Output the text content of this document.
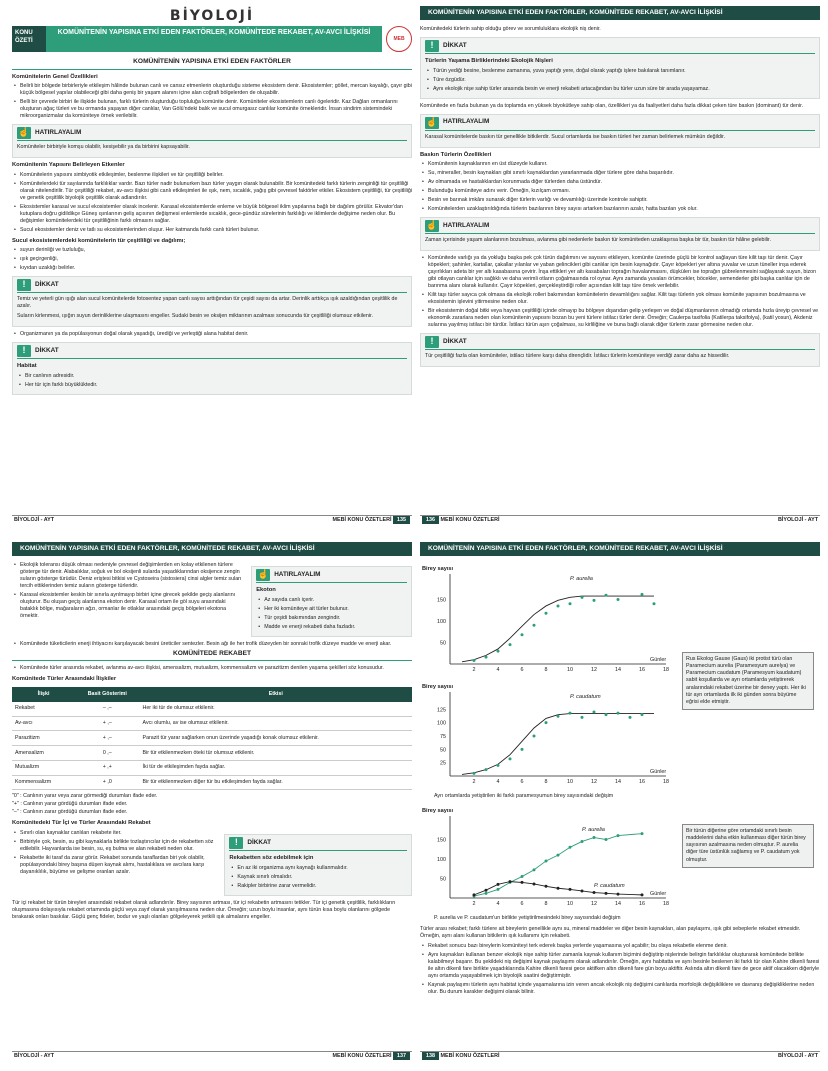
BİYOLOJİ
KONU ÖZETİ
KOMÜNİTENİN YAPISINA ETKİ EDEN FAKTÖRLER, KOMÜNİTEDE REKABET, AV-AVCI İLİŞKİSİ
MEB
KOMÜNİTENİN YAPISINA ETKİ EDEN FAKTÖRLER
Komünitelerin Genel Özellikleri
• Belirli bir bölgede birbirleriyle etkileşim hâlinde bulunan canlı ve cansız etmenlerin oluşturduğu sisteme ekosistem denir. Ekosistemler; göllet, mercan kayalığı, çayır gibi küçük bölgesel yapılar olabileceği gibi daha geniş bir yaşam alanını içine alan coğrafi bölgelerden de oluşabilir.
• Belli bir çevrede birbiri ile ilişkide bulunan, farklı türlerin oluşturduğu topluluğa komünite denir. Komüniteler ekosistemlerin canlı ögeleridir. Kaz Dağları ormanlarını oluşturan ağaç türleri ve bu ormanda yaşayan diğer canlılar, Van Gölü'ndeki balık ve sucul omurgasız canlılar komünite örnekleridir. İnsan sindirim sistemindeki mikroorganizmalar da komüniteye örnek verilebilir.
☝ HATIRLAYALIM

Komüniteler birbiriyle komşu olabilir, kesişebilir ya da birbirini kapsayabilir.

Komünitenin Yapısını Belirleyen Etkenler
• Komünitelerin yapısını simbiyotik etkileşimler, beslenme ilişkileri ve tür çeşitliliği belirler.
• Komünitelerdeki tür sayılarında farklılıklar vardır. Bazı türler nadir bulunurken bazı türler yaygın olarak bulunabilir. Bir komünitedeki farklı türlerin zenginliği tür çeşitliliği olarak nitelendirilir. Tür çeşitliliği rekabet, av-avcı ilişkisi gibi canlı etkileşimleri ile ışık, nem, sıcaklık, yağış gibi çevresel faktörler etkiler. Ekosistem çeşitliliği, tür çeşitliliği ve genetik çeşitlilik biyolojik çeşitlilik olarak adlandırılır.
• Ekosistemler karasal ve sucul ekosistemler olarak incelenir. Karasal ekosistemlerde enleme ve büyük bölgesel iklim yapılarına bağlı bir dağılım görülür. Ekvator'dan kutuplara doğru gidildikçe Güneş ışınlarının geliş açısının değişmesi enlemlerde sıcaklık, gece-gündüz sürelerinin farklılığı ve iklimlerde değişime neden olur. Bu değişimler komünitelerdeki tür çeşitliliğinin farklı olmasını sağlar.
• Sucul ekosistemler deniz ve tatlı su ekosistemlerinden oluşur. Her katmanda farklı canlı türleri bulunur.
Sucul ekosistemlerdeki komünitelerin tür çeşitliliği ve dağılımı;
• suyun derinliği ve tuzluluğu,
• ışık geçirgenliği,
• kıyıdan uzaklığı belirler.
!	DİKKAT

Temiz ve yeterli gün ışığı alan sucul komünitelerde fotosentez yapan canlı sayısı arttığından tür çeşidi sayısı da artar. Derinlik arttıkça ışık azaldığından çeşitlilik de azalır.

Suların kirlenmesi, ışığın suyun derinliklerine ulaşmasını engeller. Sudaki besin ve oksijen miktarının azalması sonucunda tür çeşitliliği olumsuz etkilenir.

• Organizmanın ya da popülasyonun doğal olarak yaşadığı, ürediği ve yerleştiği alana habitat denir.
!	DİKKAT
Habitat
• Bir canlının adresidir.
• Her tür için farklı büyüklüktedir.
BİYOLOJİ - AYT	MEBİ KONU ÖZETLERİ 135
KOMÜNİTENİN YAPISINA ETKİ EDEN FAKTÖRLER, KOMÜNİTEDE REKABET, AV-AVCI İLİŞKİSİ

Komünitedeki türlerin sahip olduğu görev ve sorumluluklara ekolojik niş denir.

!	DİKKAT
Türlerin Yaşama Birliklerindeki Ekolojik Nişleri
• Türün yediği besine, beslenme zamanına, yuva yaptığı yere, doğal olarak yaptığı işlere bakılarak tanımlanır.
• Türe özgüdür.
• Aynı ekolojik nişe sahip türler arasında besin ve enerji rekabeti artacağından bu türler uzun süre bir arada yaşayamaz.

Komünitede en fazla bulunan ya da toplamda en yüksek biyokütleye sahip olan, özellikleri ya da faaliyetleri daha fazla dikkat çeken türe baskın (dominant) tür denir.

☝ HATIRLAYALIM

Karasal komünitelerde baskın tür genellikle bitkilerdir. Sucul ortamlarda ise baskın türleri her zaman belirlemek mümkün değildir.

Baskın Türlerin Özellikleri
• Komünitenin kaynaklarının en üst düzeyde kullanır.
• Su, mineraller, besin kaynakları gibi sınırlı kaynaklardan yararlanmada diğer türlere göre daha başarılıdır.
• Av olmamada ve hastalıklardan korunmada diğer türlerden daha üstündür.
• Bulunduğu komüniteye adını verir. Örneğin, kızılçam ormanı.
• Besin ve barınak imkânı sunarak diğer türlerin varlığı ve devamlılığı üzerinde kontrole sahiptir.
• Komünitelerden uzaklaştırıldığında türlerin bazılarının birey sayısı artarken bazılarının azalır, hatta bazıları yok olur.
☝ HATIRLAYALIM

Zaman içerisinde yaşam alanlarının bozulması, avlanma gibi nedenlerle baskın tür komüniteden uzaklaşırsa başka bir tür, baskın tür hâline gelebilir.

• Komünitede varlığı ya da yokluğu başka pek çok türün dağılımını ve sayısını etkileyen, komünite üzerinde güçlü bir kontrol sağlayan türe kilit taşı tür denir. Çayır köpekleri; şahinler, kartallar, çakallar yılanlar ve yaban gelincikleri gibi canlılar için besin kaynağıdır. Çayır köpekleri yer altına yuvalar ve uzun tüneller inşa ederek çayırlıkları adeta bir yer altı kasabasına çevirir. İnşa ettikleri yer altı kasabaları toprağın havalanmasını, düşkülerı ise toprağın gübrelenmesini sağlayarak suyun, bizon gibi otlayan canlılar için sağlıklı ve daha verimli otların çoğalmasında rol oynar. Aynı zamanda yuvaları örümcekler, böcekler, semenderler gibi başka canlılar için de barınma alanı olarak kullanılır. Çayır köpekleri, gerçekleştirdiği roller açısından kilit taşı türe örnek verilebilir.
• Kilit taşı türler sayıca çok olmasa da ekolojik rolleri bakımından komünitelerin devamlılığını sağlar. Kilit taşı türlerin yok olması komünite yapısının bozulmasına ve ekosistemin işlevini yitirmesine neden olur.
• Bir ekosistemin doğal bitki veya hayvan çeşitliliği içinde olmayıp bu bölgeye dışarıdan gelip yerleşen ve doğal düşmanlarının olmadığı ortamda hızla üreyip çevresel ve ekonomik zararlara neden olan komünitenin yapısını bozan bu yeni türlere istilacı türler denir. Örneğin; Caulerpa taxifolia (Katilerpa taksifolya), (katil yosun), Akdeniz sularına yayılmış istilacı bir türdür. İstilacı türün aşırı çoğalması, su kirliliğine ve buna bağlı olarak diğer türlerin zarar görmesine neden olur.
!	DİKKAT

Tür çeşitliliği fazla olan komüniteler, istilacı türlere karşı daha dirençlidir. İstilacı türlerin komüniteye verdiği zarar daha az hissedilir.

136 MEBİ KONU ÖZETLERİ	BİYOLOJİ - AYT
KOMÜNİTENİN YAPISINA ETKİ EDEN FAKTÖRLER, KOMÜNİTEDE REKABET, AV-AVCI İLİŞKİSİ
• Ekolojik toleransı düşük olması nedeniyle çevresel değişimlerden en kolay etkilenen türlere gösterge tür denir. Alabalıklar, soğuk ve bol oksijenli sularda yaşadıklarından oksijence zengin suların gösterge türüdür. Deniz eriştesi bitkisi ve Cystoseira (sistosiera) cinsi algler temiz suları tercih ettiklerinden temiz suların gösterge türleridir.
• Karasal ekosistemler keskin bir sınırla ayrılmayıp birbiri içine girecek şekilde geçiş alanlarını oluşturur. Bu oluşan geçiş alanlarına ekoton denir. Karasal ortam ile göl suyu arasındaki bataklık bölge, mağaraların ağzı, ormanlar ile otlaklar arasındaki geçiş bölgeleri ekotona örnektir.
☝ HATIRLAYALIM
Ekoton
• Az sayıda canlı içerir.
• Her iki komüniteye ait türler bulunur.
• Tür çeşidi bakımından zengindir.
• Madde ve enerji rekabeti daha fazladır.
• Komünitede tüketicilerin enerji ihtiyacını karşılayacak besini üreticiler sentezler. Besin ağı ile her trofik düzeyden bir sonraki trofik düzeye madde ve enerji akar.
KOMÜNİTEDE REKABET
• Komünitede türler arasında rekabet, avlanma av-avcı ilişkisi, amensalizm, mutualizm, kommensalizm ve parazitizm denilen yaşama şekilleri söz konusudur.
Komünitede Türler Arasındaki İlişkiler
İlişki	Basit Gösterimi	Etkisi
Rekabet	– ,–	Her iki tür de olumsuz etkilenir.
Av-avcı	+ ,–	Avcı olumlu, av ise olumsuz etkilenir.
Parazitizm	+ ,–	Parazit tür yarar sağlarken onun üzerinde yaşadığı konak olumsuz etkilenir.
Amensalizm	0 ,–	Bir tür etkilenmezken öteki tür olumsuz etkilenir.
Mutualizm	+ ,+	İki tür de etkileşimden fayda sağlar.
Kommensalizm	+ ,0	Bir tür etkilenmezken diğer tür bu etkileşimden fayda sağlar.

"0" : Canlının yarar veya zarar görmediği durumları ifade eder.

"+" : Canlının yarar gördüğü durumları ifade eder.

"–" : Canlının zarar gördüğü durumları ifade eder.

Komünitedeki Tür İçi ve Türler Arasındaki Rekabet
• Sınırlı olan kaynaklar canlıları rekabete iter.
• Birbiriyle çok, besin, su gibi kaynaklarla birlikte tozlaştırıcılar için de rekabetten söz edilebilir. Hayvanlarda ise besin, su, eş bulma ve alan rekabeti neden olur.
• Rekabette iki taraf da zarar görür. Rekabet sonunda taraflardan biri yok olabilir, popülasyondaki birey başına düşen kaynak alımı, hastalıklara ve avcılara karşı dayanıklılık, büyüme ve gelişme oranları azalır.
!	DİKKAT
Rekabetten söz edebilmek için
• En az iki organizma aynı kaynağı kullanmalıdır.
• Kaynak sınırlı olmalıdır.
• Rakipler birbirine zarar vermelidir.

Tür içi rekabet bir türün bireyleri arasındaki rekabet olarak adlandırılır. Birey sayısının artması, tür içi rekabetin artmasını tetikler. Tür içi genetik çeşitlilik, farklılıkların oluşmasına dolayısıyla rekabet ortamında güçlü veya zayıf olarak yarışılmasına neden olur. Örneğin; uzun boylu insanlar, aynı türün kısa boylu olanlarını gölgede bırakarak onları baskılar. Güçlü genç fideler, bodur ve yaşlı olanları gölgeleyerek yetkili ışık almalarını engeller.

BİYOLOJİ - AYT	MEBİ KONU ÖZETLERİ 137
KOMÜNİTENİN YAPISINA ETKİ EDEN FAKTÖRLER, KOMÜNİTEDE REKABET, AV-AVCI İLİŞKİSİ
Birey sayısı
Günler
2	4	6	8	10	12	14	16	18
50
100
150
P. aurelia
Birey sayısı
Günler
2	4	6	8	10	12	14	16	18
25
50
75
100
125
P. caudatum
Rus Ekolog Gause (Gaus) iki protist türü olan Paramecium aurelia (Paramesyum aurelya) ve Paramecium caudatum (Paramesyum kaudatum) sabit koşullarda ve ayrı ortamlarda yetiştirerek aralarındaki rekabet üzerine bir deney yaptı. Her iki tür ayrı ortamlarda ilk iki günden sonra büyüme eğrisi elde etmiştir.
Ayrı ortamlarda yetiştirilen iki farklı paramesyumun birey sayısındaki değişim
Birey sayısı
Günler
2	4	6	8	10	12	14	16	18
50
100
150
P. aurelia
P. caudatum
Bir türün diğerine göre ortamdaki sınırlı besin maddelerini daha etkin kullanması diğer türün birey sayısının azalmasına neden olmuştur. P. aurelia diğer türe üstünlük sağlamış ve P. caudatum yok olmuştur.
P. aurelia ve P. caudatum'un birlikte yetiştirilmesindeki birey sayısındaki değişim

Türler arası rekabet; farklı türlere ait bireylerin genellikle aynı su, mineral maddeler ve diğer besin kaynakları, alan paylaşımı, ışık gibi sebeplerle rekabet etmesidir. Örneğin, aynı alanı kullanan bitkilerin ışık kullanımı için rekabeti.

• Rekabet sonucu bazı bireylerin komüniteyi terk ederek başka yerlerde yaşamasına yol açabilir; bu olaya rekabetle elenme denir.
• Aynı kaynakları kullanan benzer ekolojik nişe sahip türler zamanla kaynak kullanım biçimini değiştirip nişlerinde belirgin farklılıklar oluşturarak komünitede birlikte kalabilmeyi başarır. Bu şekildeki niş değişimi kaynak paylaşımı olarak adlandırılır. Örneğin, aynı habitatta ve aynı besinle beslenen iki farklı tür olan Kahire dikenli faresi ile altın dikenli fare birlikte yaşadıklarında Kahire dikenli faresi gece aktifken altın dikenli fare gün boyu aktiftir. Aslında altın dikenli fare de gece aktif olacakken diğeriyle aynı ortamda yaşayabilmek için biyolojik saatini değiştirmiştir.
• Kaynak paylaşımı türlerin aynı habitat içinde yaşamalarına izin veren ancak ekolojik niş değişimi canlılarda morfolojik değişikliklere ve davranış değişikliklerine neden olur. Bu durum karakter değişimi olarak bilinir.
138 MEBİ KONU ÖZETLERİ	BİYOLOJİ - AYT
